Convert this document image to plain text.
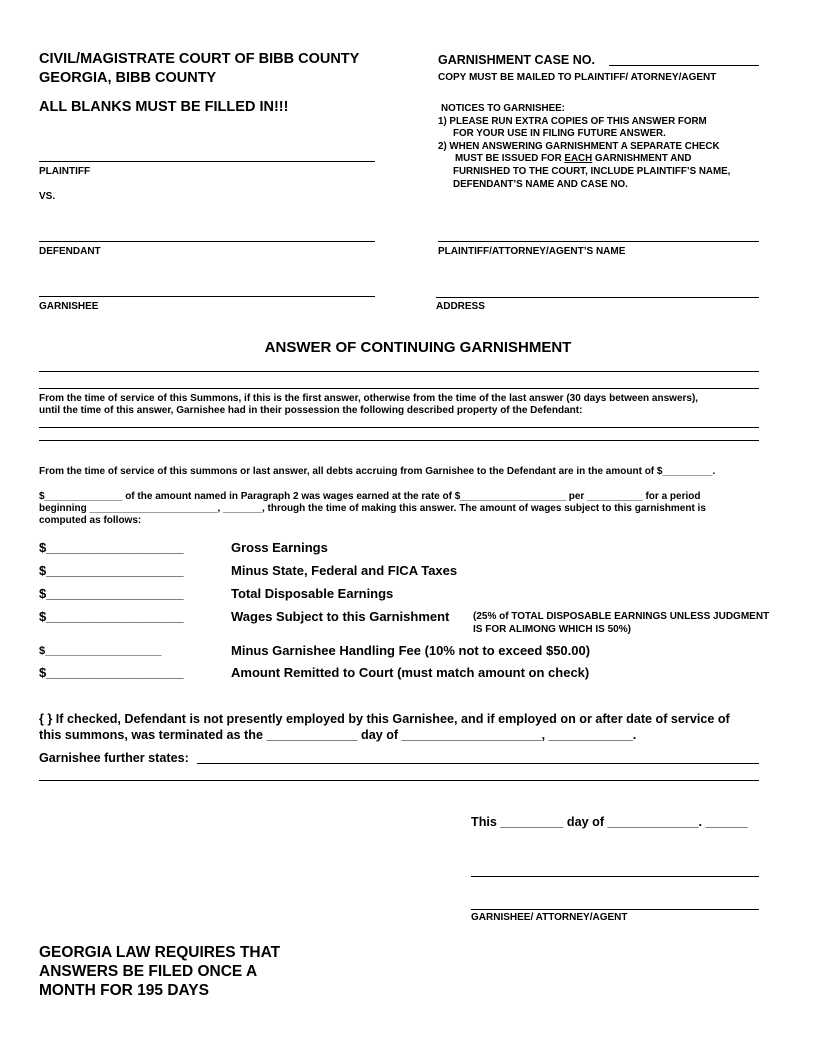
CIVIL/MAGISTRATE COURT OF BIBB COUNTY
GEORGIA, BIBB COUNTY
ALL BLANKS MUST BE FILLED IN!!!
GARNISHMENT CASE NO.
COPY MUST BE MAILED TO PLAINTIFF/ ATORNEY/AGENT
NOTICES TO GARNISHEE:
1) PLEASE RUN EXTRA COPIES OF THIS ANSWER FORM
FOR YOUR USE IN FILING FUTURE ANSWER.
2) WHEN ANSWERING GARNISHMENT A SEPARATE CHECK
MUST BE ISSUED FOR EACH GARNISHMENT AND
FURNISHED TO THE COURT, INCLUDE PLAINTIFF’S NAME,
DEFENDANT’S NAME AND CASE NO.
PLAINTIFF
VS.
DEFENDANT
GARNISHEE
PLAINTIFF/ATTORNEY/AGENT’S NAME
ADDRESS
ANSWER OF CONTINUING GARNISHMENT
From the time of service of this Summons, if this is the first answer, otherwise from the time of the last answer (30 days between answers),
until the time of this answer, Garnishee had in their possession the following described property of the Defendant:
From the time of service of this summons or last answer, all debts accruing from Garnishee to the Defendant are in the amount of $_________.
$______________ of the amount named in Paragraph 2 was wages earned at the rate of $___________________ per __________ for a period
beginning _______________________, _______, through the time of making this answer. The amount of wages subject to this garnishment is
computed as follows:
$___________________	Gross Earnings
$___________________	Minus State, Federal and FICA Taxes
$___________________	Total Disposable Earnings
$___________________	Wages Subject to this Garnishment (25% of TOTAL DISPOSABLE EARNINGS UNLESS JUDGMENT
IS FOR ALIMONG WHICH IS 50%)
$___________________	Minus Garnishee Handling Fee (10% not to exceed $50.00)
$___________________	Amount Remitted to Court (must match amount on check)
{ } If checked, Defendant is not presently employed by this Garnishee, and if employed on or after date of service of
this summons, was terminated as the _____________ day of ____________________, ____________.
Garnishee further states:
This _________ day of _____________. ______
GARNISHEE/ ATTORNEY/AGENT
GEORGIA LAW REQUIRES THAT
ANSWERS BE FILED ONCE A
MONTH FOR 195 DAYS
